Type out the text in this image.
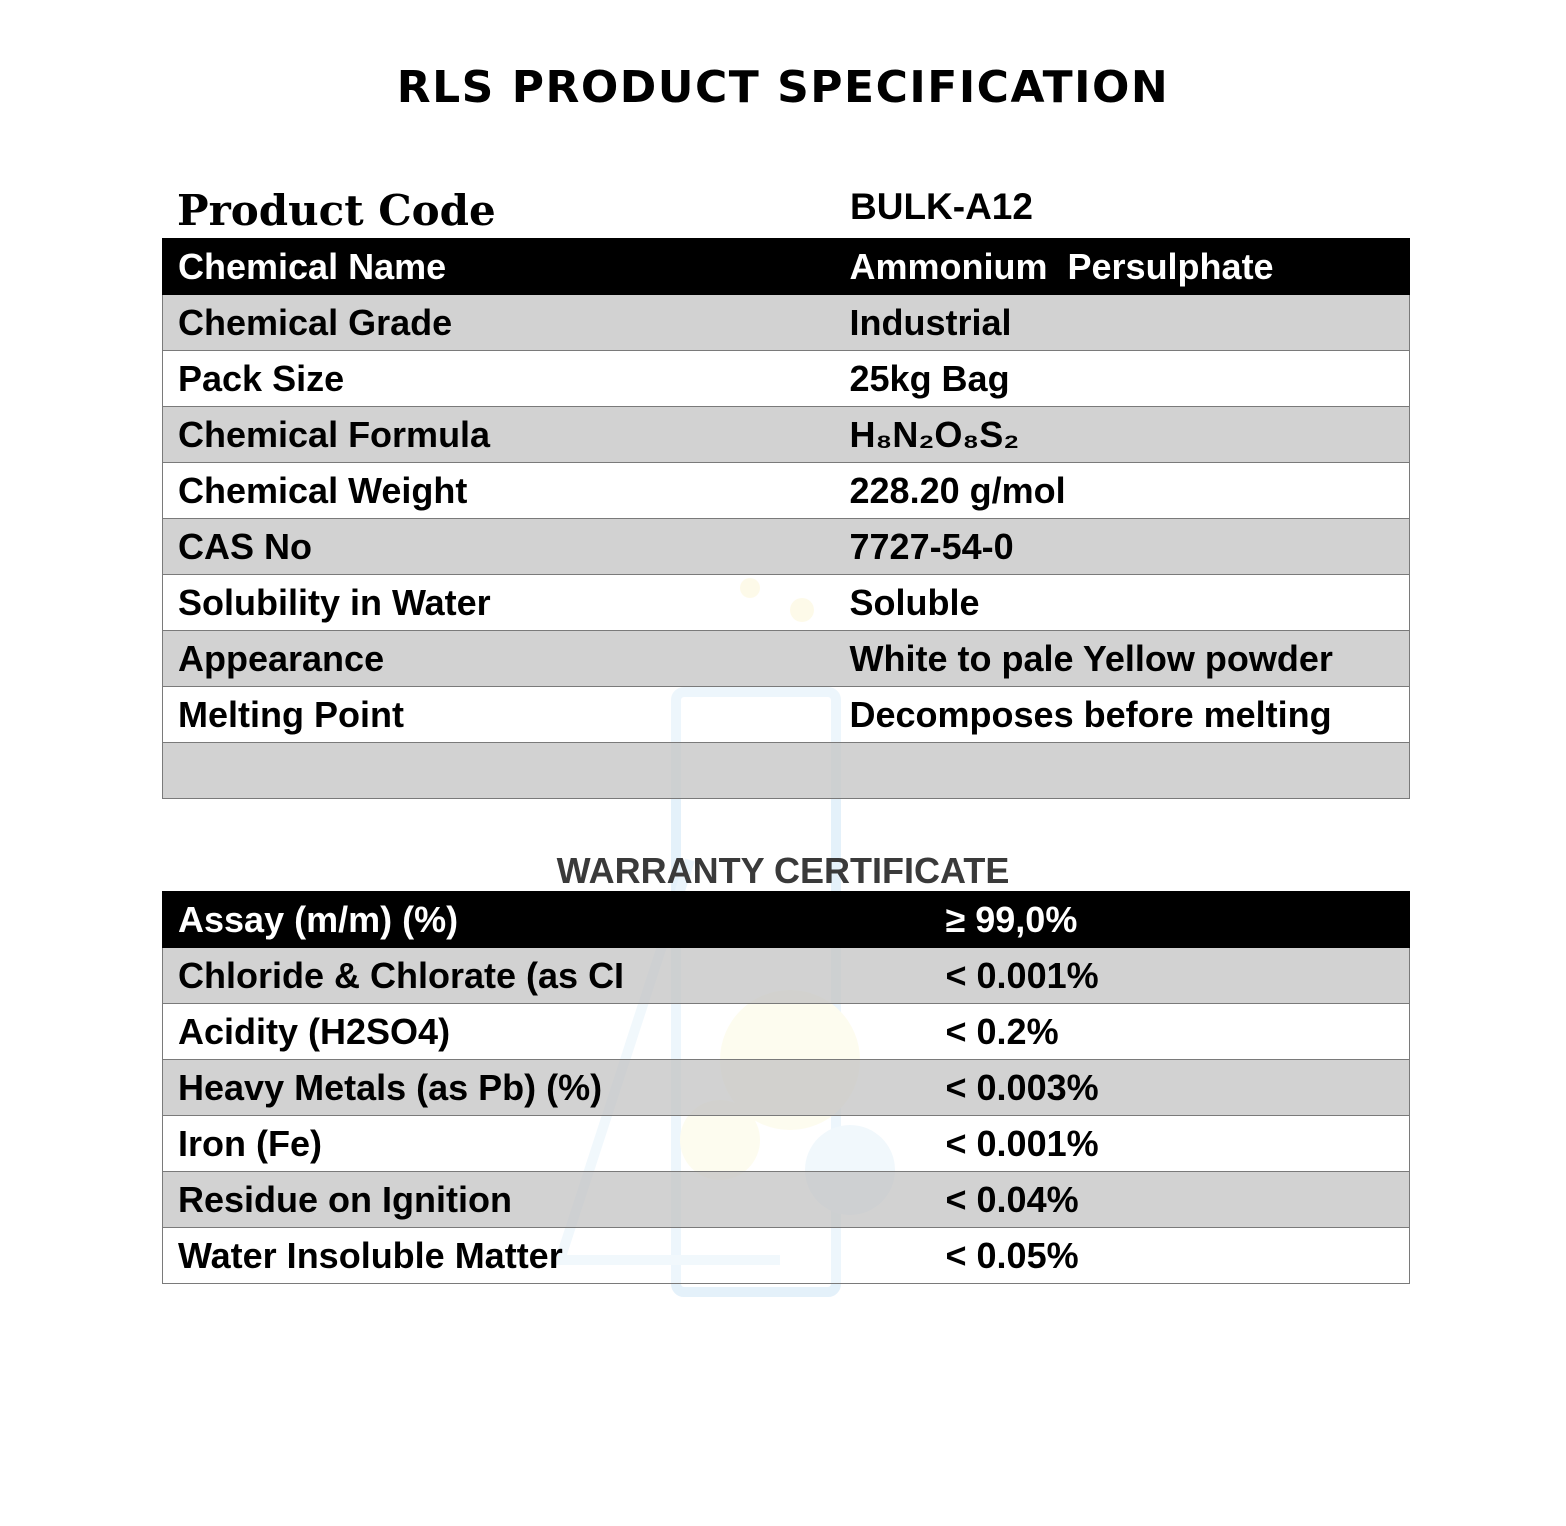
RLS PRODUCT SPECIFICATION
Product Code	BULK-A12
Chemical Name	Ammonium  Persulphate
Chemical Grade	Industrial
Pack Size	25kg Bag
Chemical Formula	H₈N₂O₈S₂
Chemical Weight	228.20 g/mol
CAS No	7727-54-0
Solubility in Water	Soluble
Appearance	White to pale Yellow powder
Melting Point	Decomposes before melting

WARRANTY CERTIFICATE
Assay (m/m) (%)	≥ 99,0%
Chloride & Chlorate (as CI	< 0.001%
Acidity (H2SO4)	< 0.2%
Heavy Metals (as Pb) (%)	< 0.003%
Iron (Fe)	< 0.001%
Residue on Ignition	< 0.04%
Water Insoluble Matter	< 0.05%
